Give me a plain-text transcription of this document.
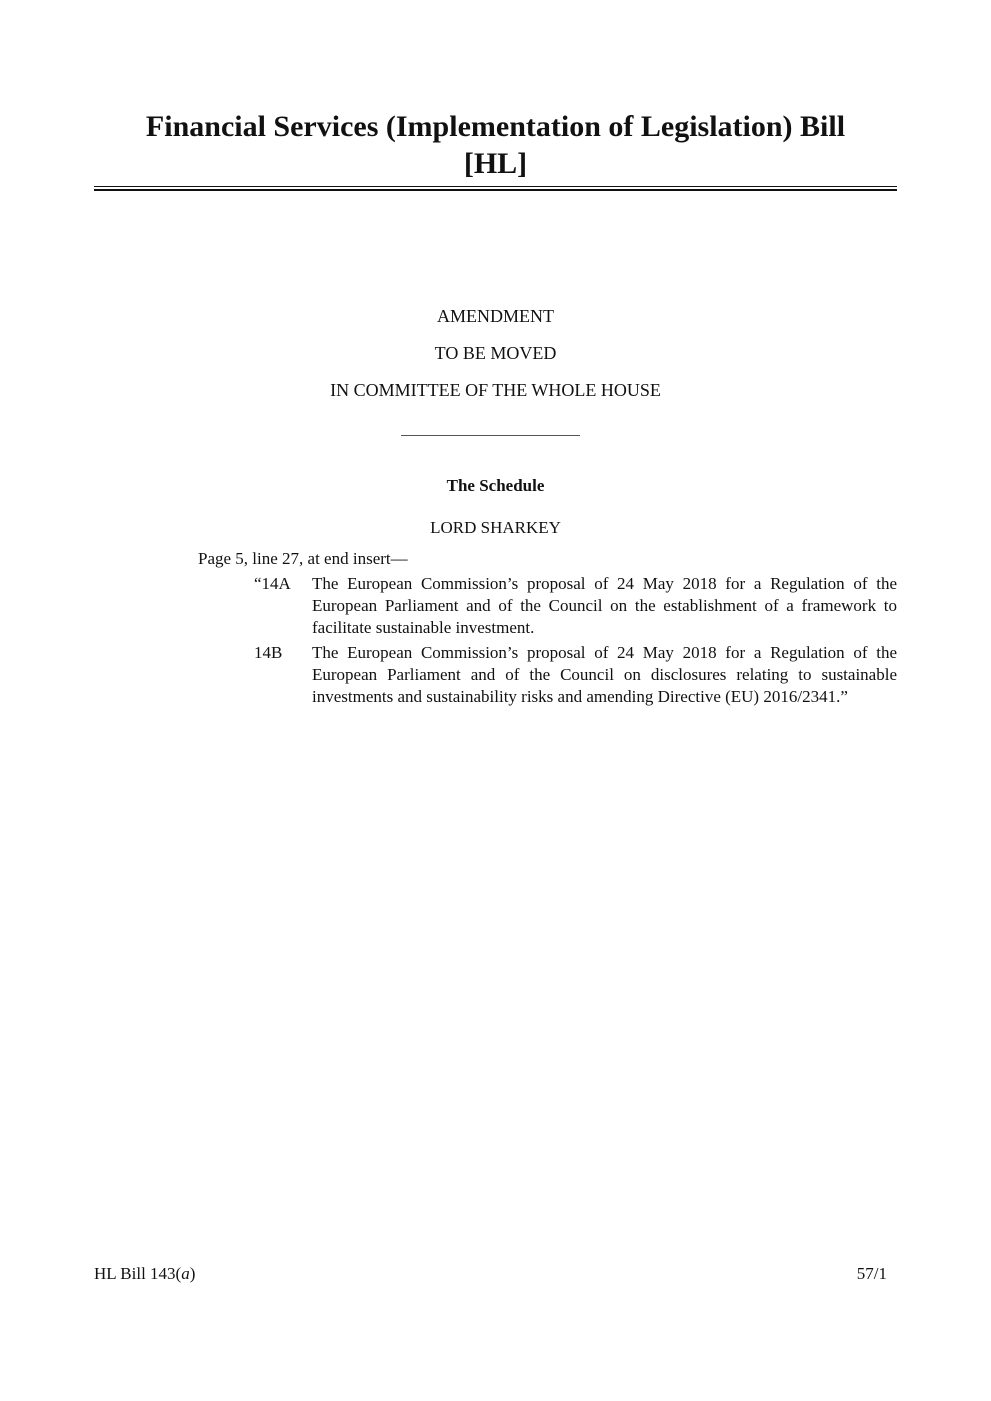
Financial Services (Implementation of Legislation) Bill
[HL]
AMENDMENT
TO BE MOVED
IN COMMITTEE OF THE WHOLE HOUSE
The Schedule
LORD SHARKEY
Page 5, line 27, at end insert—
“14A The European Commission’s proposal of 24 May 2018 for a Regulation of the European Parliament and of the Council on the establishment of a framework to facilitate sustainable investment.
14B The European Commission’s proposal of 24 May 2018 for a Regulation of the European Parliament and of the Council on disclosures relating to sustainable investments and sustainability risks and amending Directive (EU) 2016/2341.”
HL Bill 143(a)	57/1
